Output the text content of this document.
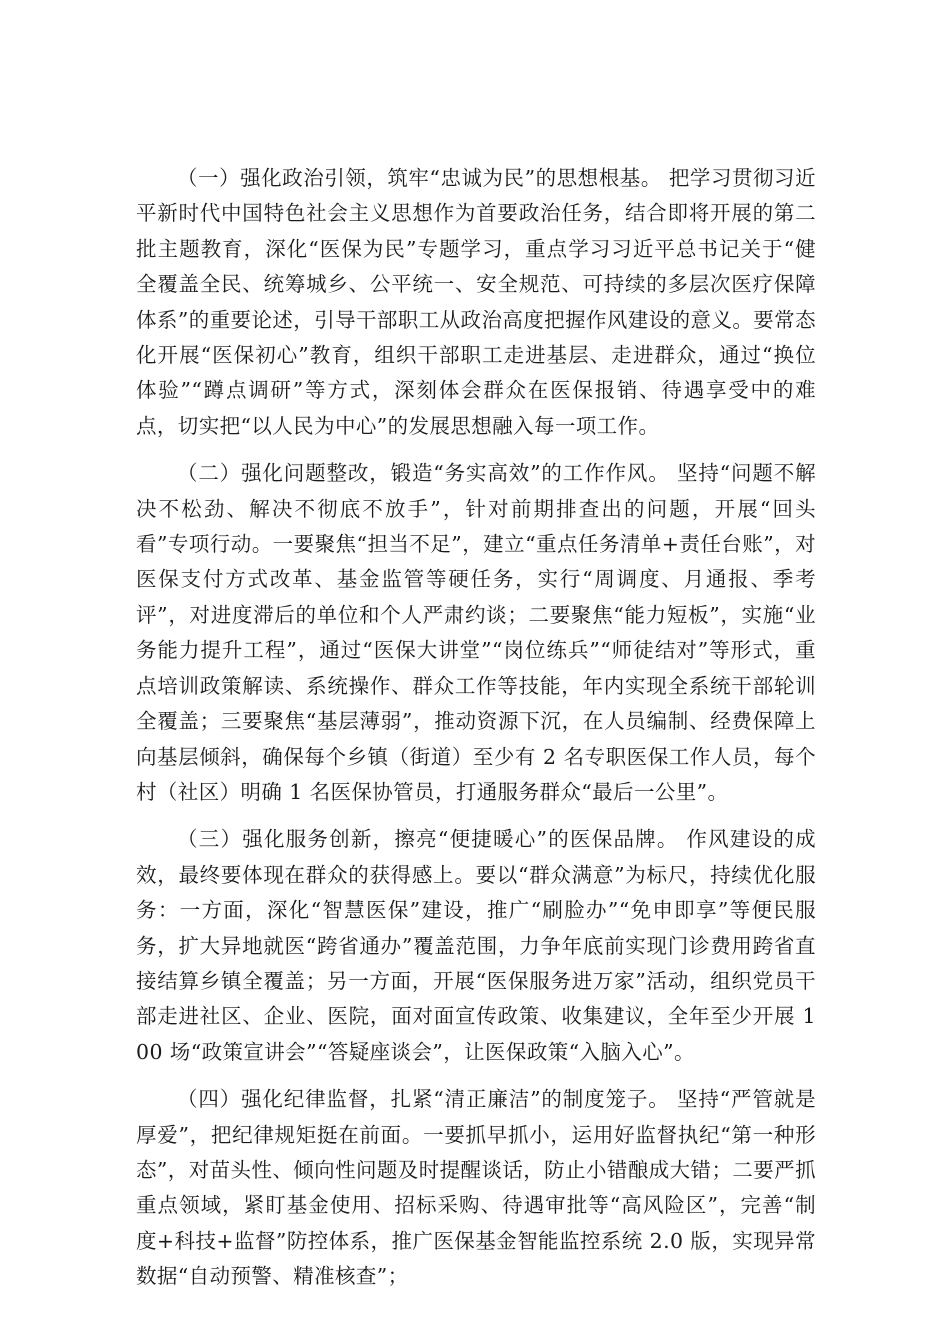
（一）强化政治引领，筑牢“忠诚为民”的思想根基。 把学习贯彻习近平新时代中国特色社会主义思想作为首要政治任务，结合即将开展的第二批主题教育，深化“医保为民”专题学习，重点学习习近平总书记关于“健全覆盖全民、统筹城乡、公平统一、安全规范、可持续的多层次医疗保障体系”的重要论述，引导干部职工从政治高度把握作风建设的意义。要常态化开展“医保初心”教育，组织干部职工走进基层、走进群众，通过“换位体验”“蹲点调研”等方式，深刻体会群众在医保报销、待遇享受中的难点，切实把“以人民为中心”的发展思想融入每一项工作。

（二）强化问题整改，锻造“务实高效”的工作作风。 坚持“问题不解决不松劲、解决不彻底不放手”，针对前期排查出的问题，开展“回头看”专项行动。一要聚焦“担当不足”，建立“重点任务清单+责任台账”，对医保支付方式改革、基金监管等硬任务，实行“周调度、月通报、季考评”，对进度滞后的单位和个人严肃约谈；二要聚焦“能力短板”，实施“业务能力提升工程”，通过“医保大讲堂”“岗位练兵”“师徒结对”等形式，重点培训政策解读、系统操作、群众工作等技能，年内实现全系统干部轮训全覆盖；三要聚焦“基层薄弱”，推动资源下沉，在人员编制、经费保障上向基层倾斜，确保每个乡镇（街道）至少有 2 名专职医保工作人员，每个村（社区）明确 1 名医保协管员，打通服务群众“最后一公里”。

（三）强化服务创新，擦亮“便捷暖心”的医保品牌。 作风建设的成效，最终要体现在群众的获得感上。要以“群众满意”为标尺，持续优化服务：一方面，深化“智慧医保”建设，推广“刷脸办”“免申即享”等便民服务，扩大异地就医“跨省通办”覆盖范围，力争年底前实现门诊费用跨省直接结算乡镇全覆盖；另一方面，开展“医保服务进万家”活动，组织党员干部走进社区、企业、医院，面对面宣传政策、收集建议，全年至少开展 100 场“政策宣讲会”“答疑座谈会”，让医保政策“入脑入心”。

（四）强化纪律监督，扎紧“清正廉洁”的制度笼子。 坚持“严管就是厚爱”，把纪律规矩挺在前面。一要抓早抓小，运用好监督执纪“第一种形态”，对苗头性、倾向性问题及时提醒谈话，防止小错酿成大错；二要严抓重点领域，紧盯基金使用、招标采购、待遇审批等“高风险区”，完善“制度+科技+监督”防控体系，推广医保基金智能监控系统 2.0 版，实现异常数据“自动预警、精准核查”；
